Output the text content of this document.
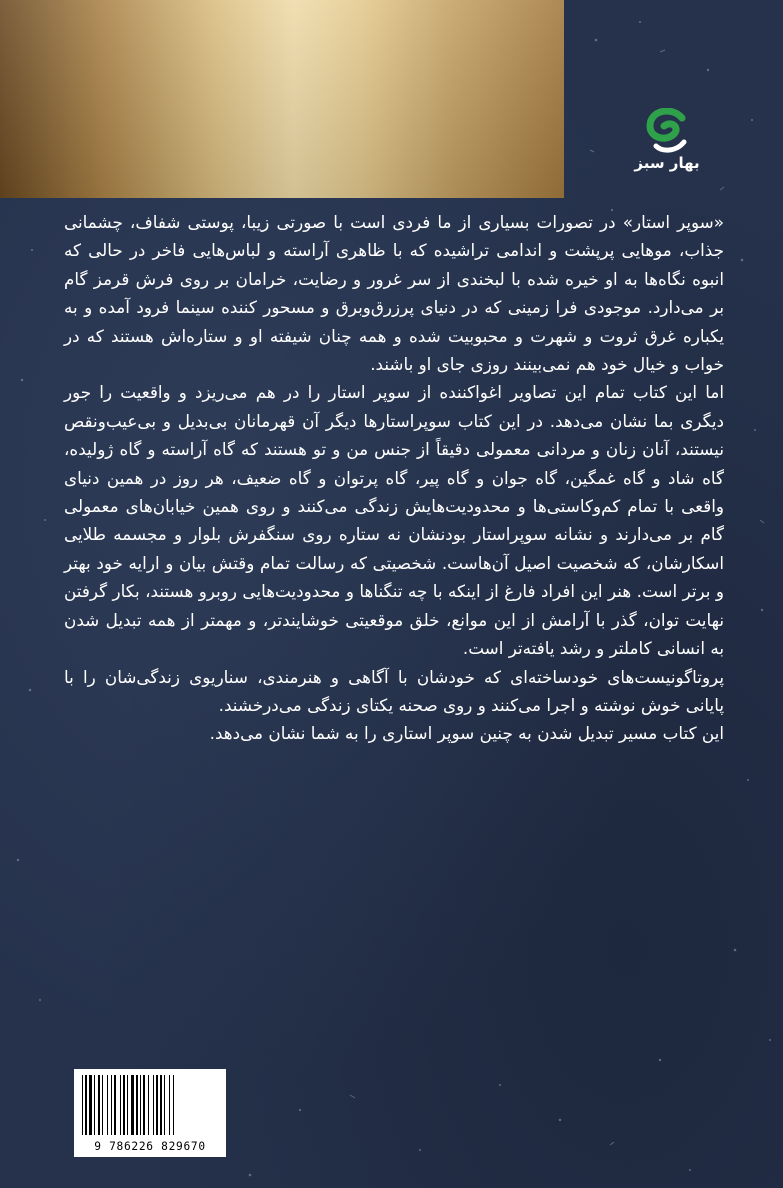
بهار سبز

«سوپر استار» در تصورات بسیاری از ما فردی است با صورتی زیبا، پوستی شفاف، چشمانی جذاب، موهایی پرپشت و اندامی تراشیده که با ظاهری آراسته و لباس‌هایی فاخر در حالی که انبوه نگاه‌ها به او خیره شده با لبخندی از سر غرور و رضایت، خرامان بر روی فرش قرمز گام بر می‌دارد. موجودی فرا زمینی که در دنیای پرزرق‌وبرق و مسحور کننده سینما فرود آمده و به یکباره غرق ثروت و شهرت و محبوبیت شده و همه چنان شیفته او و ستاره‌اش هستند که در خواب و خیال خود هم نمی‌بینند روزی جای او باشند.

اما این کتاب تمام این تصاویر اغواکننده از سوپر استار را در هم می‌ریزد و واقعیت را جور دیگری بما نشان می‌دهد. در این کتاب سوپراستارها دیگر آن قهرمانان بی‌بدیل و بی‌عیب‌ونقص نیستند، آنان زنان و مردانی معمولی دقیقاً از جنس من و تو هستند که گاه آراسته و گاه ژولیده، گاه شاد و گاه غمگین، گاه جوان و گاه پیر، گاه پرتوان و گاه ضعیف، هر روز در همین دنیای واقعی با تمام کم‌وکاستی‌ها و محدودیت‌هایش زندگی می‌کنند و روی همین خیابان‌های معمولی گام بر می‌دارند و نشانه سوپراستار بودنشان نه ستاره روی سنگفرش بلوار و مجسمه طلایی اسکارشان، که شخصیت اصیل آن‌هاست. شخصیتی که رسالت تمام وقتش بیان و ارایه خود بهتر و برتر است. هنر این افراد فارغ از اینکه با چه تنگناها و محدودیت‌هایی روبرو هستند، بکار گرفتن نهایت توان، گذر با آرامش از این موانع، خلق موقعیتی خوشایندتر، و مهمتر از همه تبدیل شدن به انسانی کاملتر و رشد یافته‌تر است.

پروتاگونیست‌های خودساخته‌ای که خودشان با آگاهی و هنرمندی، سناریوی زندگی‌شان را با پایانی خوش نوشته و اجرا می‌کنند و روی صحنه یکتای زندگی می‌درخشند.

این کتاب مسیر تبدیل شدن به چنین سوپر استاری را به شما نشان می‌دهد.

9 786226 829670
